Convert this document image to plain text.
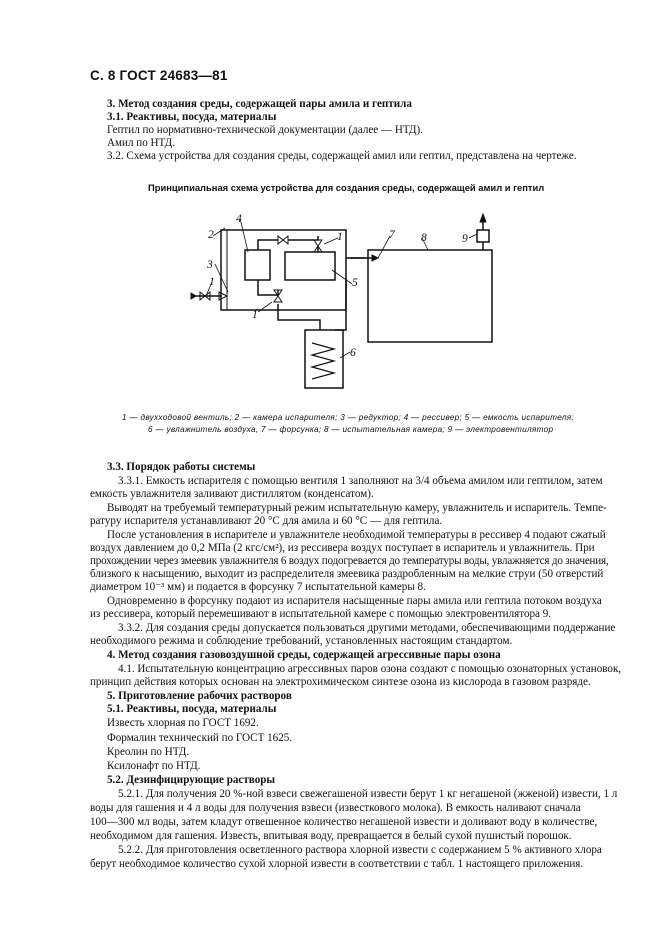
С. 8 ГОСТ 24683—81
3. Метод создания среды, содержащей пары амила и гептила
3.1. Реактивы, посуда, материалы
Гептил по нормативно-технической документации (далее — НТД).
Амил по НТД.
3.2. Схема устройства для создания среды, содержащей амил или гептил, представлена на чертеже.
Принципиальная схема устройства для создания среды, содержащей амил и гептил
2
4
1
3
1
1
5
7 8	9
6
1 — двухходовой вентиль; 2 — камера испарителя; 3 — редуктор; 4 — ресcивер; 5 — емкость испарителя;
6 — увлажнитель воздуха, 7 — форсунка; 8 — испытательная камера; 9 — электровентилятор
3.3. Порядок работы системы
3.3.1. Емкость испарителя с помощью вентиля 1 заполняют на 3/4 объема амилом или гептилом, затем
емкость увлажнителя заливают дистиллятом (конденсатом).
Выводят на требуемый температурный режим испытательную камеру, увлажнитель и испаритель. Темпе-
ратуру испарителя устанавливают 20 °С для амила и 60 °С — для гептила.
После установления в испарителе и увлажнителе необходимой температуры в ресcивер 4 подают сжатый
воздух давлением до 0,2 МПа (2 кгс/см²), из ресcивера воздух поступает в испаритель и увлажнитель. При
прохождении через змеевик увлажнителя 6 воздух подогревается до температуры воды, увлажняется до значения,
близкого к насыщению, выходит из распределителя змеевика раздробленным на мелкие струи (50 отверстий
диаметром 10⁻³ мм) и подается в форсунку 7 испытательной камеры 8.
Одновременно в форсунку подают из испарителя насыщенные пары амила или гептила потоком воздуха
из ресcивера, который перемешивают в испытательной камере с помощью электровентилятора 9.
3.3.2. Для создания среды допускается пользоваться другими методами, обеспечивающими поддержание
необходимого режима и соблюдение требований, установленных настоящим стандартом.
4. Метод создания газовоздушной среды, содержащей агрессивные пары озона
4.1. Испытательную концентрацию агрессивных паров озона создают с помощью озонаторных установок,
принцип действия которых основан на электрохимическом синтезе озона из кислорода в газовом разряде.
5. Приготовление рабочих растворов
5.1. Реактивы, посуда, материалы
Известь хлорная по ГОСТ 1692.
Формалин технический по ГОСТ 1625.
Креолин по НТД.
Ксилонафт по НТД.
5.2. Дезинфицирующие растворы
5.2.1. Для получения 20 %-ной взвеси свежегашеной извести берут 1 кг негашеной (жженой) извести, 1 л
воды для гашения и 4 л воды для получения взвеси (известкового молока). В емкость наливают сначала
100—300 мл воды, затем кладут отвешенное количество негашеной извести и доливают воду в количестве,
необходимом для гашения. Известь, впитывая воду, превращается в белый сухой пушистый порошок.
5.2.2. Для приготовления осветленного раствора хлорной извести с содержанием 5 % активного хлора
берут необходимое количество сухой хлорной извести в соответствии с табл. 1 настоящего приложения.
